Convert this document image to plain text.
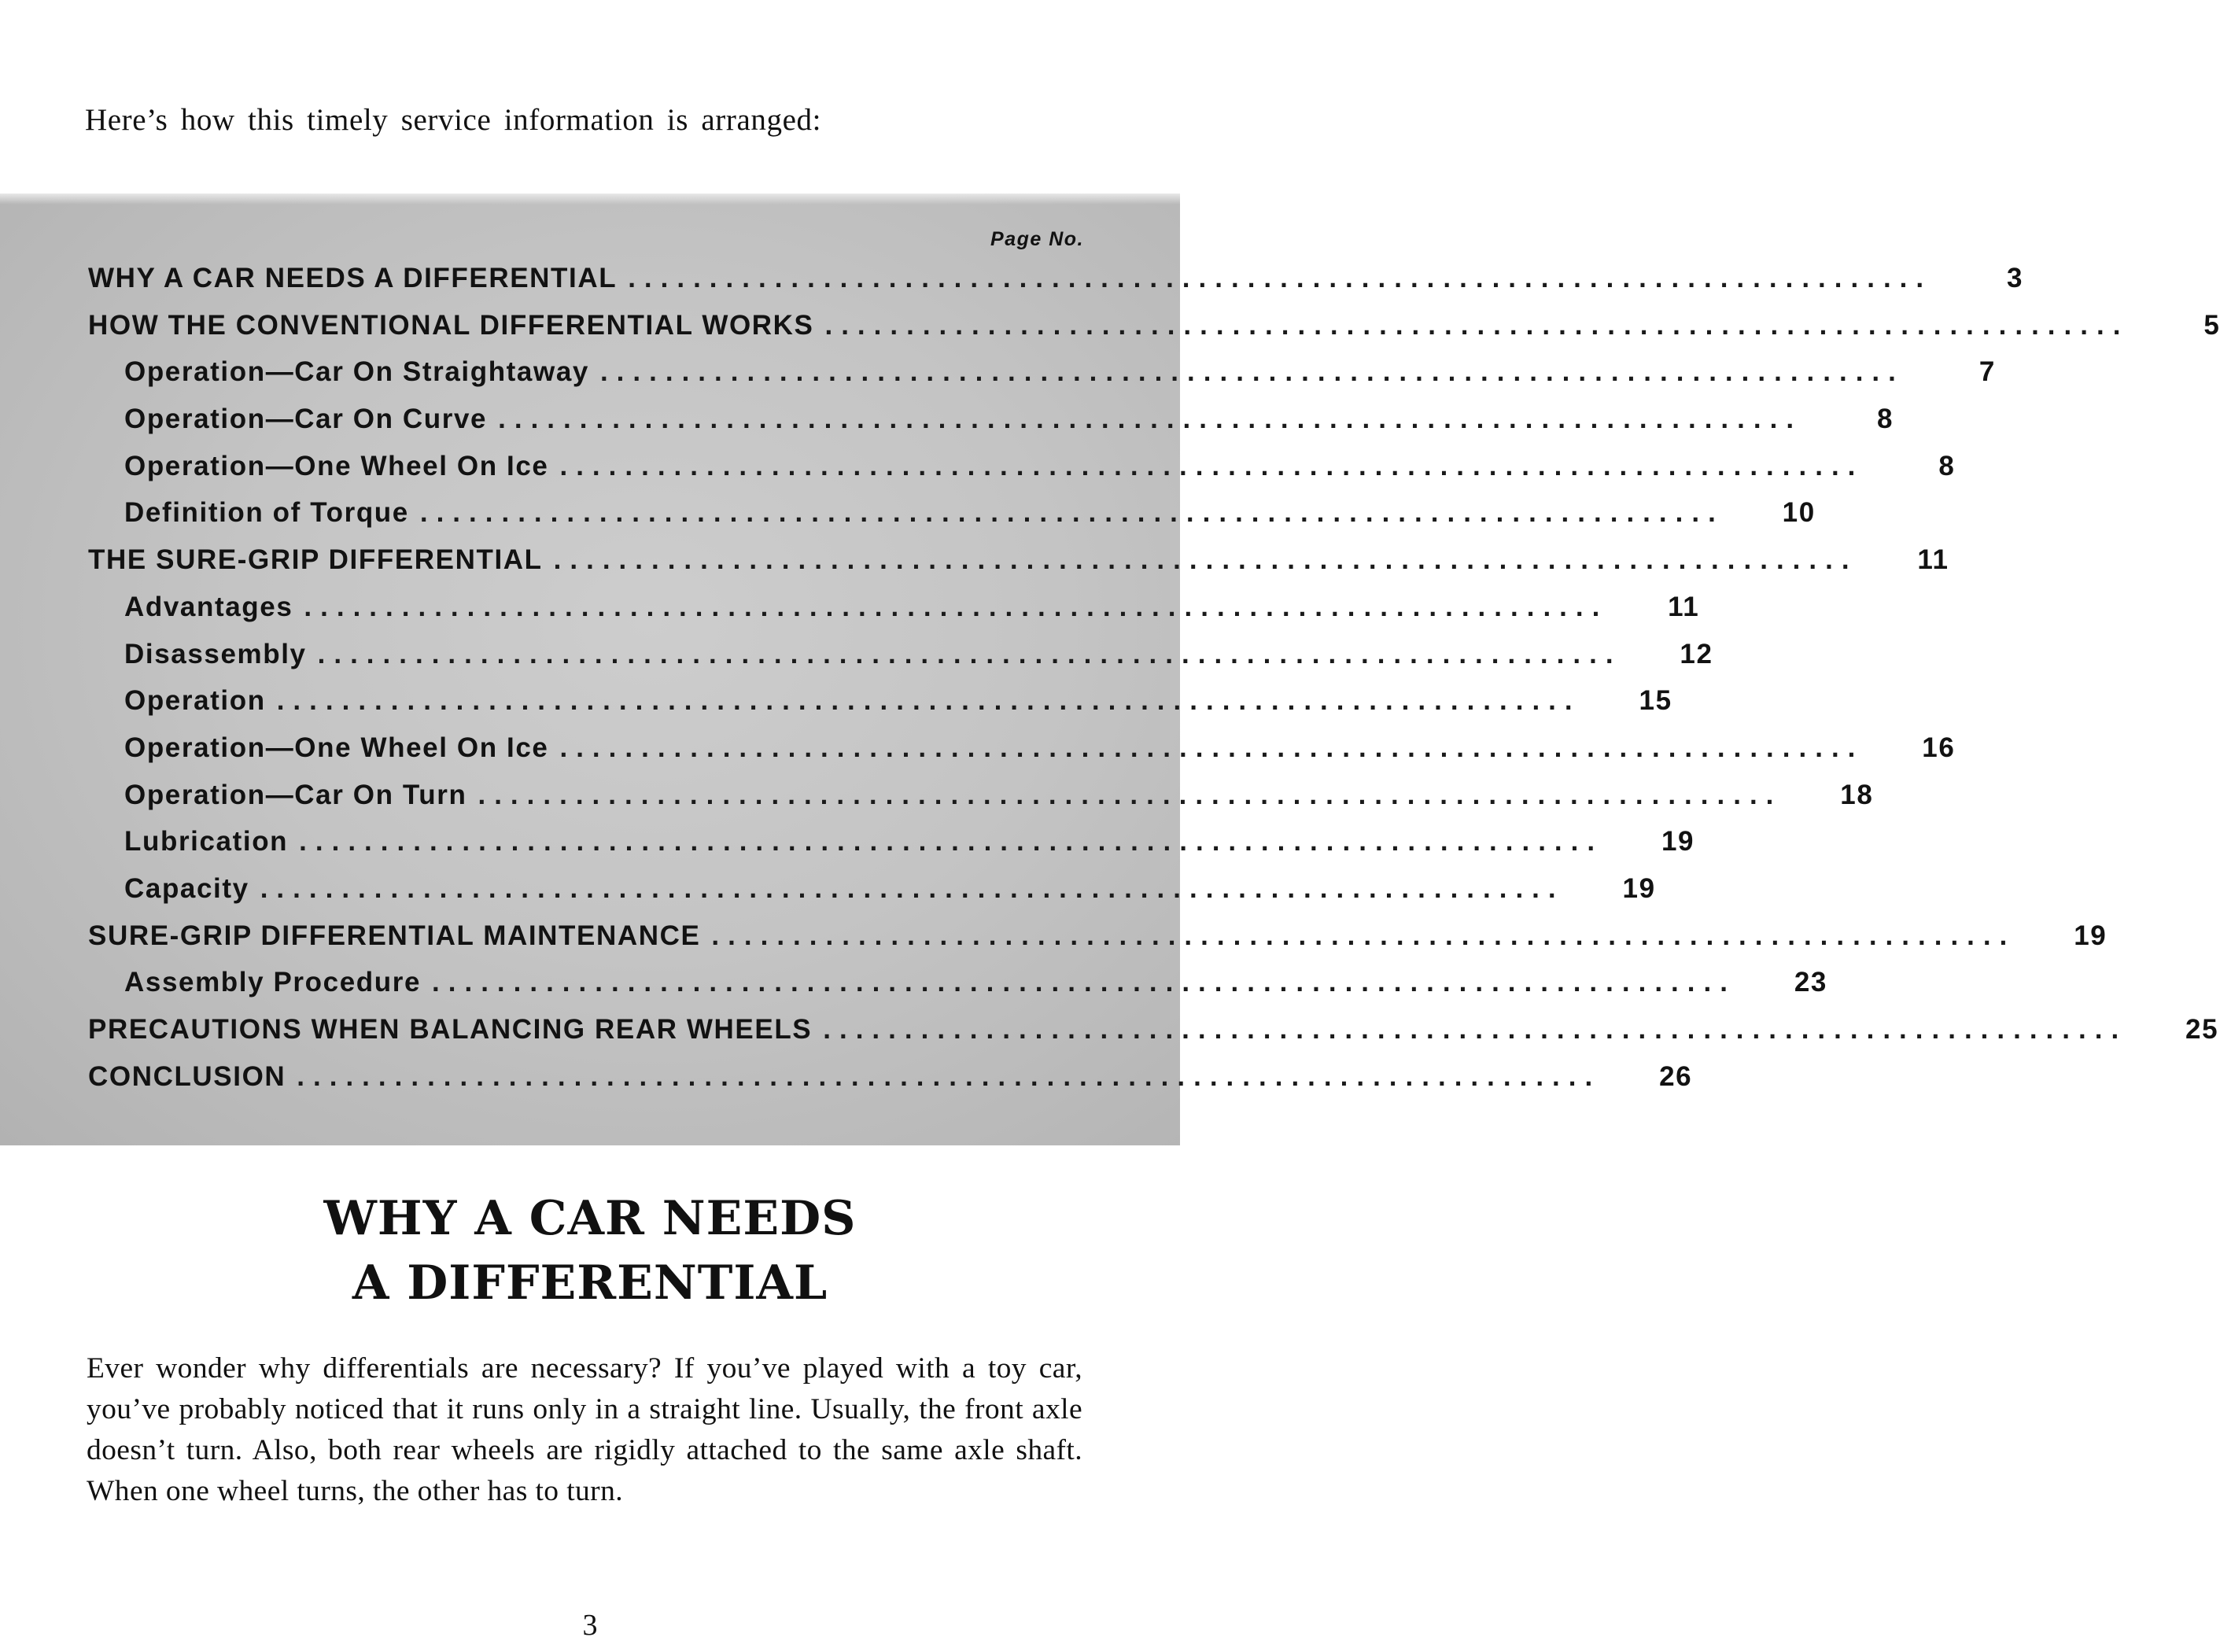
Here’s how this timely service information is arranged:

Page No.

WHY A CAR NEEDS A DIFFERENTIAL ................................................................................	3
HOW THE CONVENTIONAL DIFFERENTIAL WORKS ................................................................................	5
Operation—Car On Straightaway ................................................................................	7
Operation—Car On Curve ................................................................................	8
Operation—One Wheel On Ice ................................................................................	8
Definition of Torque ................................................................................	10
THE SURE-GRIP DIFFERENTIAL ................................................................................	11
Advantages ................................................................................	11
Disassembly ................................................................................	12
Operation ................................................................................	15
Operation—One Wheel On Ice ................................................................................	16
Operation—Car On Turn ................................................................................	18
Lubrication ................................................................................	19
Capacity ................................................................................	19
SURE-GRIP DIFFERENTIAL MAINTENANCE ................................................................................	19
Assembly Procedure ................................................................................	23
PRECAUTIONS WHEN BALANCING REAR WHEELS ................................................................................	25
CONCLUSION ................................................................................	26
WHY A CAR NEEDS
A DIFFERENTIAL

Ever wonder why differentials are necessary? If you’ve played with a toy car, you’ve probably noticed that it runs only in a straight line. Usually, the front axle doesn’t turn. Also, both rear wheels are rigidly attached to the same axle shaft. When one wheel turns, the other has to turn.

3
